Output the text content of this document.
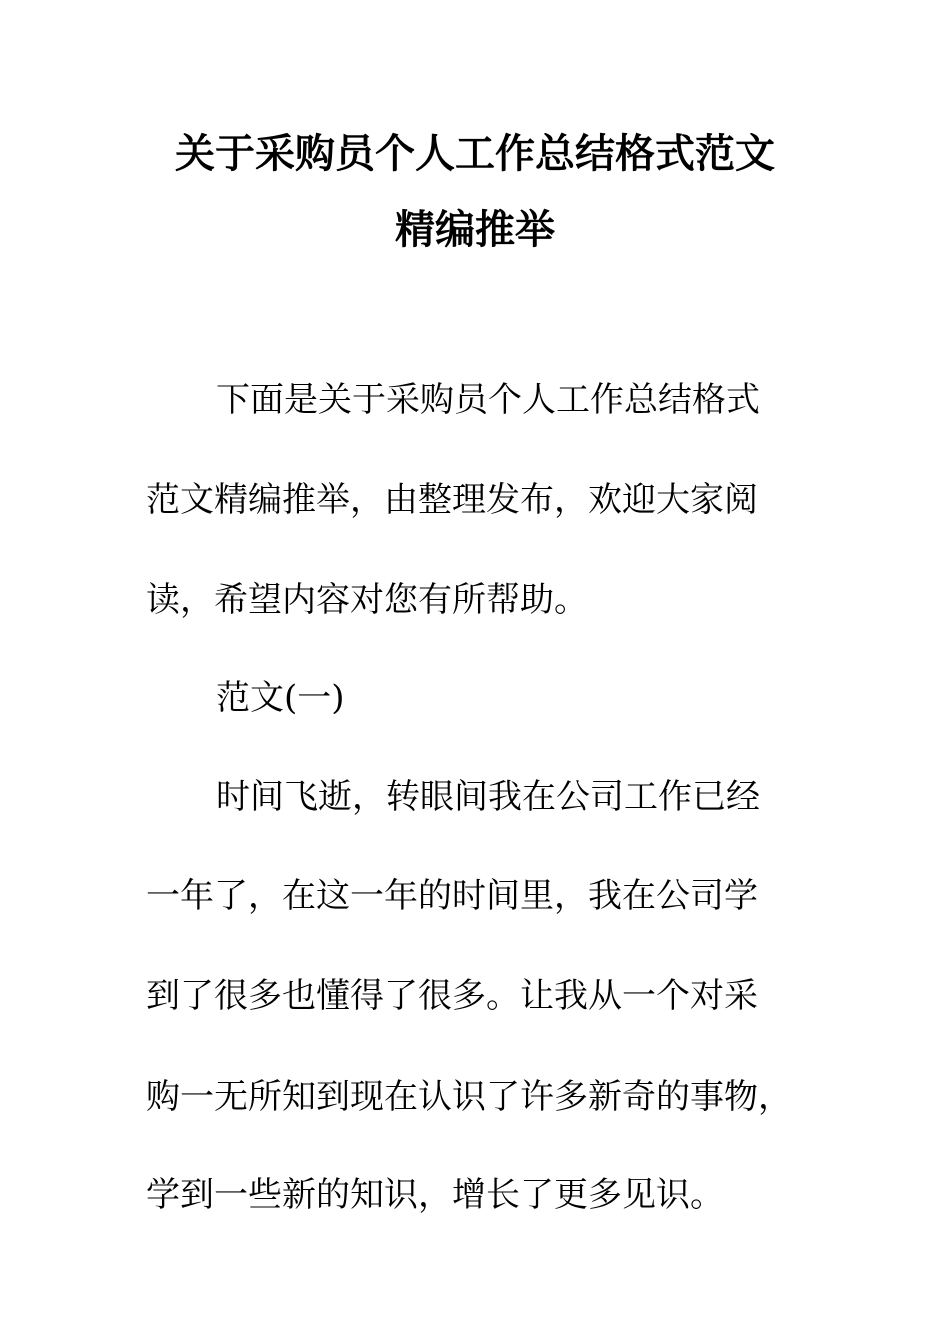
关于采购员个人工作总结格式范文
精编推举
下面是关于采购员个人工作总结格式
范文精编推举，由整理发布，欢迎大家阅
读，希望内容对您有所帮助。
范文(一)
时间飞逝，转眼间我在公司工作已经
一年了，在这一年的时间里，我在公司学
到了很多也懂得了很多。让我从一个对采
购一无所知到现在认识了许多新奇的事物，
学到一些新的知识，增长了更多见识。
